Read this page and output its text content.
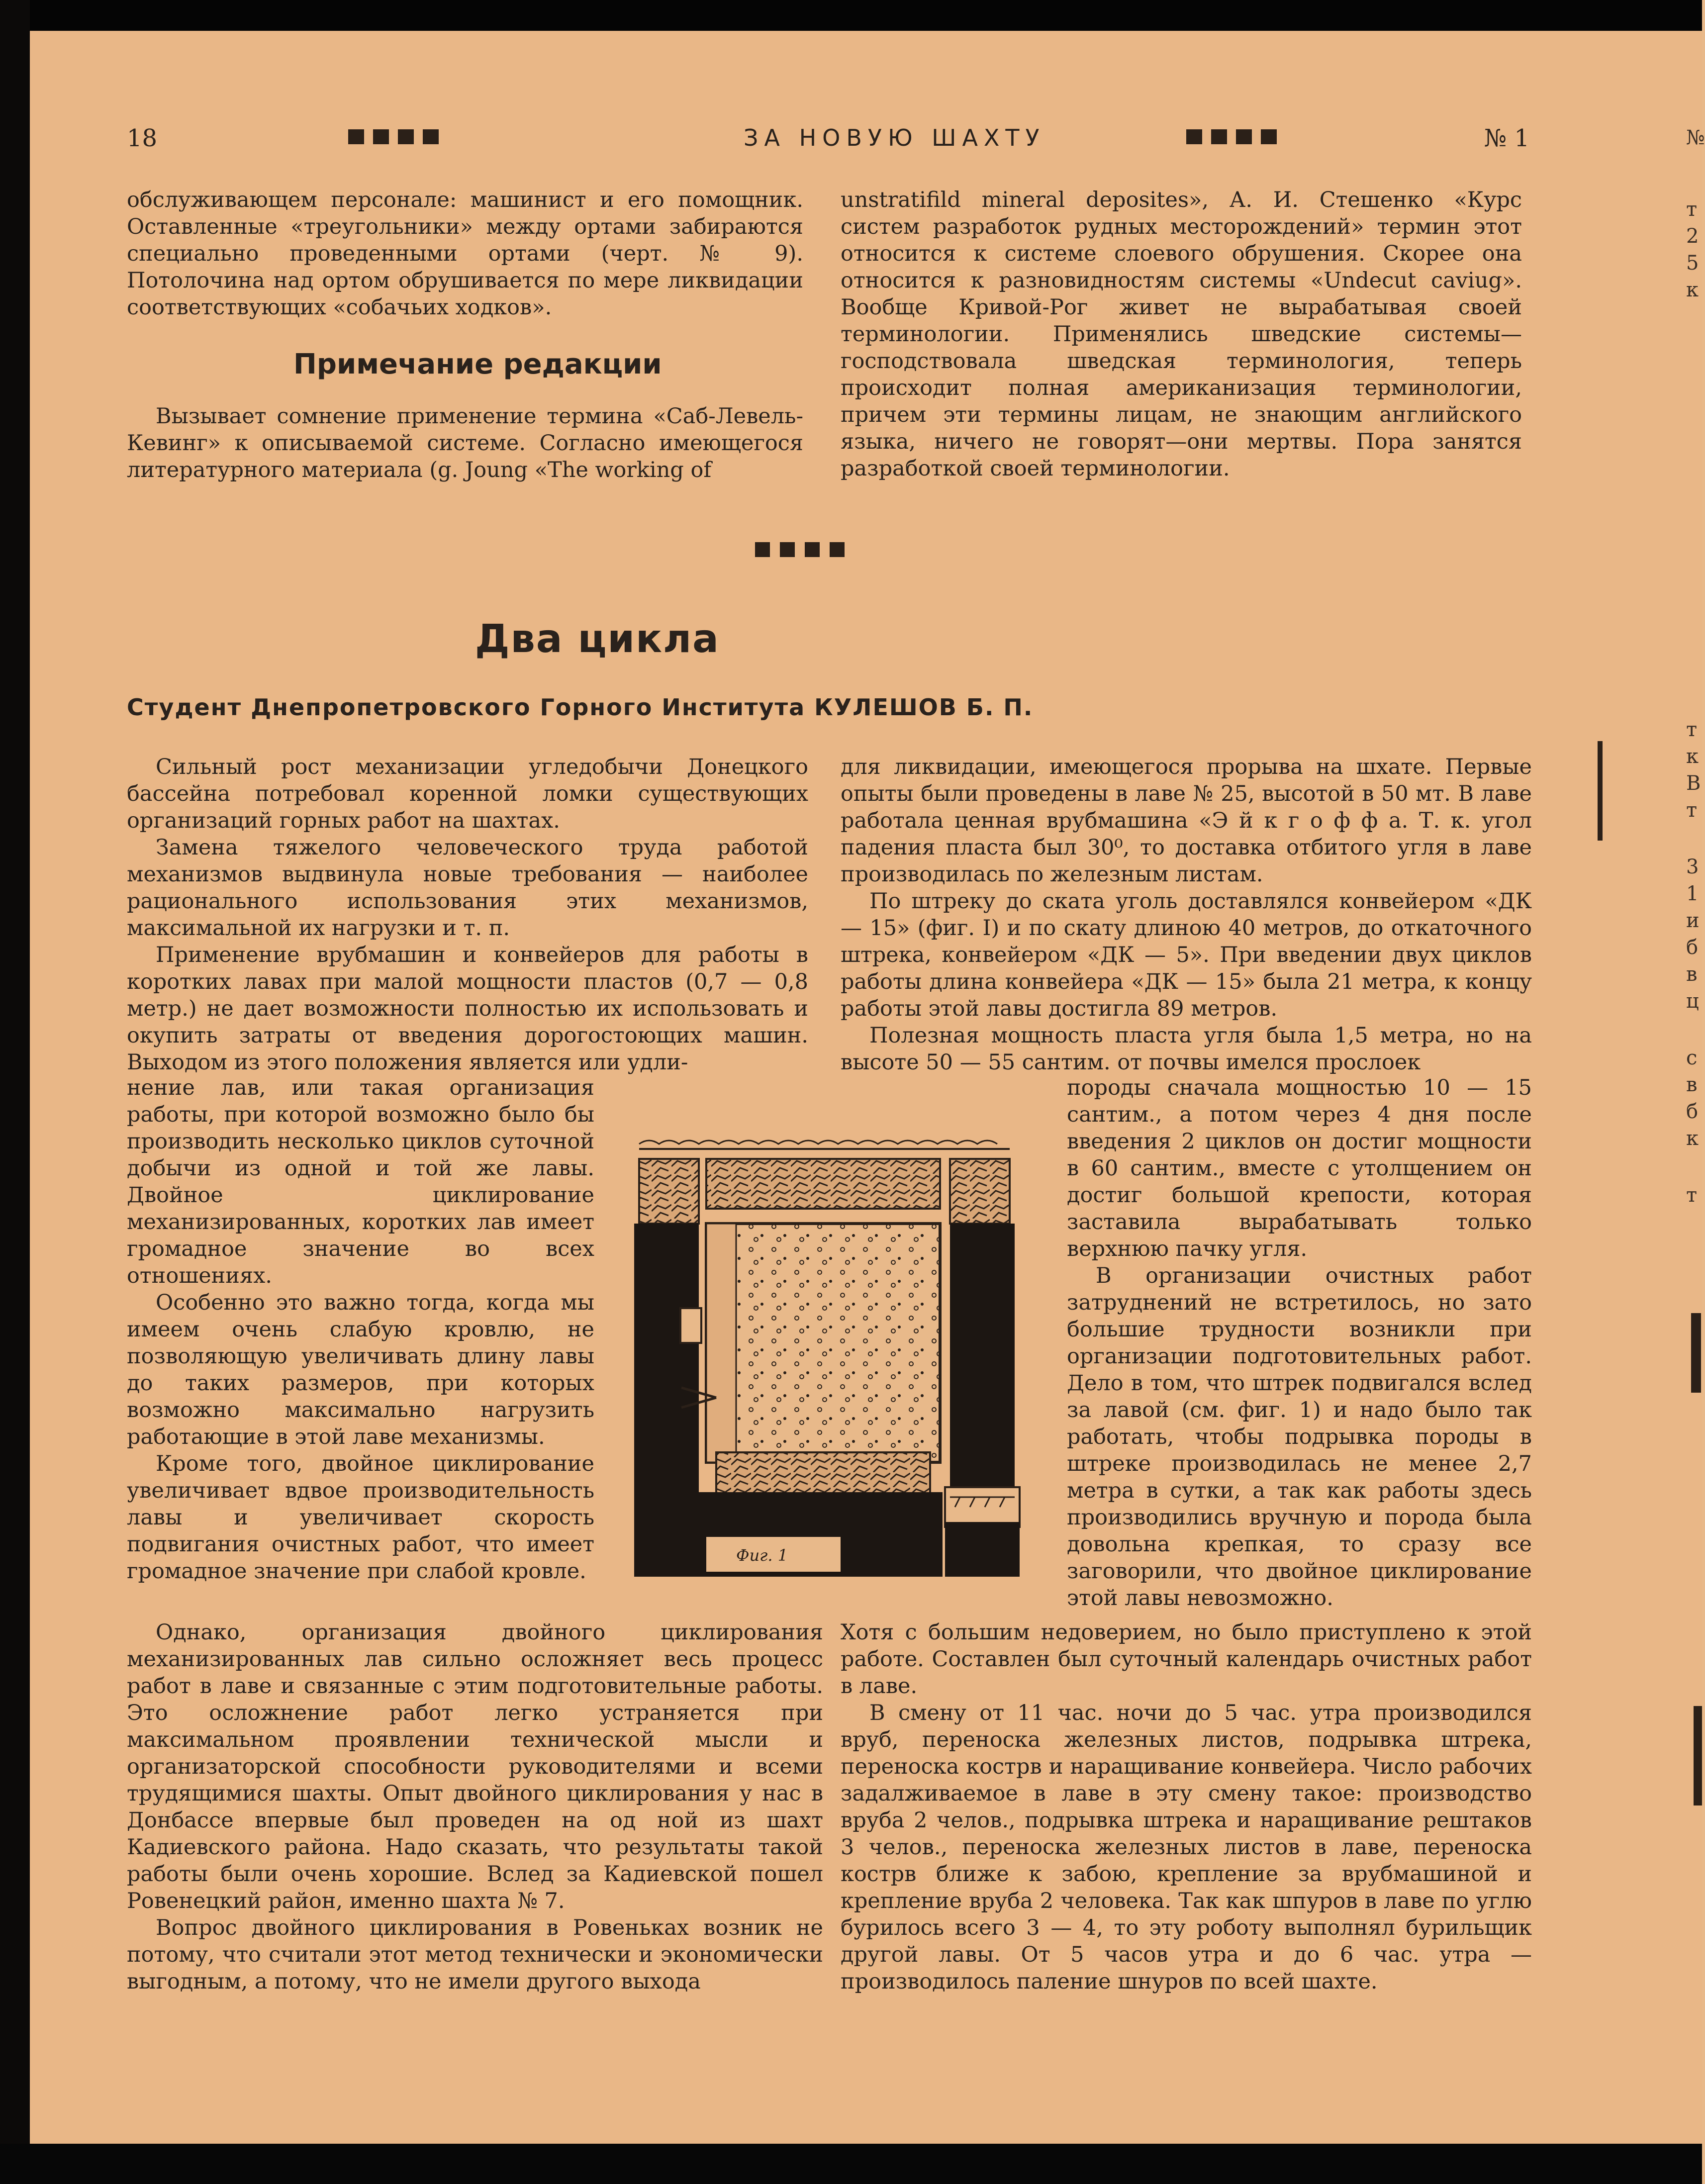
18	ЗА НОВУЮ ШАХТУ	№ 1

обслуживающем персонале: машинист и его помощник. Оставленные «треугольники» между ортами забираются специально проведенными ортами (черт. № 9). Потолочина над ортом обрушивается по мере ликвидации соответствующих «собачьих ходков».

Примечание редакции

Вызывает сомнение применение термина «Саб-Левель-Кевинг» к описываемой системе. Согласно имеющегося литературного материала (g. Joung «The working of

unstratifild mineral deposites», А. И. Стешенко «Курс систем разработок рудных месторождений» термин этот относится к системе слоевого обрушения. Скорее она относится к разновидностям системы «Undecut caviug». Вообще Кривой-Рог живет не вырабатывая своей терминологии. Применялись шведские системы—господствовала шведская терминология, теперь происходит полная американизация терминологии, причем эти термины лицам, не знающим английского языка, ничего не говорят—они мертвы. Пора занятся разработкой своей терминологии.

Два цикла
Cтудент Днепропетровского Горного Института КУЛЕШОВ Б. П.

Сильный рост механизации угледобычи Донецкого бассейна потребовал коренной ломки существующих организаций горных работ на шахтах.

Замена тяжелого человеческого труда работой механизмов выдвинула новые требования — наиболее рационального использования этих механизмов, максимальной их нагрузки и т. п.

Применение врубмашин и конвейеров для работы в коротких лавах при малой мощности пластов (0,7 — 0,8 метр.) не дает возможности полностью их использовать и окупить затраты от введения дорогостоющих машин. Выходом из этого положения является или удли-

нение лав, или такая организация работы, при которой возможно было бы производить несколько циклов суточной добычи из одной и той же лавы. Двойное циклирование механизированных, коротких лав имеет громадное значение во всех отношениях.

Особенно это важно тогда, когда мы имеем очень слабую кровлю, не позволяющую увеличивать длину лавы до таких размеров, при которых возможно максимально нагрузить работающие в этой лаве механизмы.

Кроме того, двойное циклирование увеличивает вдвое производительность лавы и увеличивает скорость подвигания очистных работ, что имеет громадное значение при слабой кровле.

Однако, организация двойного циклирования механизированных лав сильно осложняет весь процесс работ в лаве и связанные с этим подготовительные работы. Это осложнение работ легко устраняется при максимальном проявлении технической мысли и организаторской способности руководителями и всеми трудящимися шахты. Опыт двойного циклирования у нас в Донбассе впервые был проведен на од ной из шахт Кадиевского района. Надо сказать, что результаты такой работы были очень хорошие. Вслед за Кадиевской пошел Ровенецкий район, именно шахта № 7.

Вопрос двойного циклирования в Ровеньках возник не потому, что считали этот метод технически и экономически выгодным, а потому, что не имели другого выхода

для ликвидации, имеющегося прорыва на шхате. Первые опыты были проведены в лаве № 25, высотой в 50 мт. В лаве работала ценная врубмашина «Э й к г о ф ф а. Т. к. угол падения пласта был 30⁰, то доставка отбитого угля в лаве производилась по железным листам.

По штреку до ската уголь доставлялся конвейером «ДК — 15» (фиг. I) и по скату длиною 40 метров, до откаточного штрека, конвейером «ДК — 5». При введении двух циклов работы длина конвейера «ДК — 15» была 21 метра, к концу работы этой лавы достигла 89 метров.

Полезная мощность пласта угля была 1,5 метра, но на высоте 50 — 55 сантим. от почвы имелся прослоек

породы сначала мощностью 10 — 15 сантим., а потом через 4 дня после введения 2 циклов он достиг мощности в 60 сантим., вместе с утолщением он достиг большой крепости, которая заставила вырабатывать только верхнюю пачку угля.

В организации очистных работ затруднений не встретилось, но зато большие трудности возникли при организации подготовительных работ. Дело в том, что штрек подвигался вслед за лавой (см. фиг. 1) и надо было так работать, чтобы подрывка породы в штреке производилась не менее 2,7 метра в сутки, а так как работы здесь производились вручную и порода была довольна крепкая, то сразу все заговорили, что двойное циклирование этой лавы невозможно.

Хотя с большим недоверием, но было приступлено к этой работе. Составлен был суточный календарь очистных работ в лаве.

В смену от 11 час. ночи до 5 час. утра производился вруб, переноска железных листов, подрывка штрека, переноска кострв и наращивание конвейера. Число рабочих задалживаемое в лаве в эту смену такое: производство вруба 2 челов., подрывка штрека и наращивание рештаков 3 челов., переноска железных листов в лаве, переноска кострв ближе к забою, крепление за врубмашиной и крепление вруба 2 человека. Так как шпуров в лаве по углю бурилось всего 3 — 4, то эту роботу выполнял бурильщик другой лавы. От 5 часов утра и до 6 час. утра — производилось паление шнуров по всей шахте.

Фиг. 1
№
т
2
5
к
т
к
В
т
3
1
и
б
в
ц
с
в
б
к
т
